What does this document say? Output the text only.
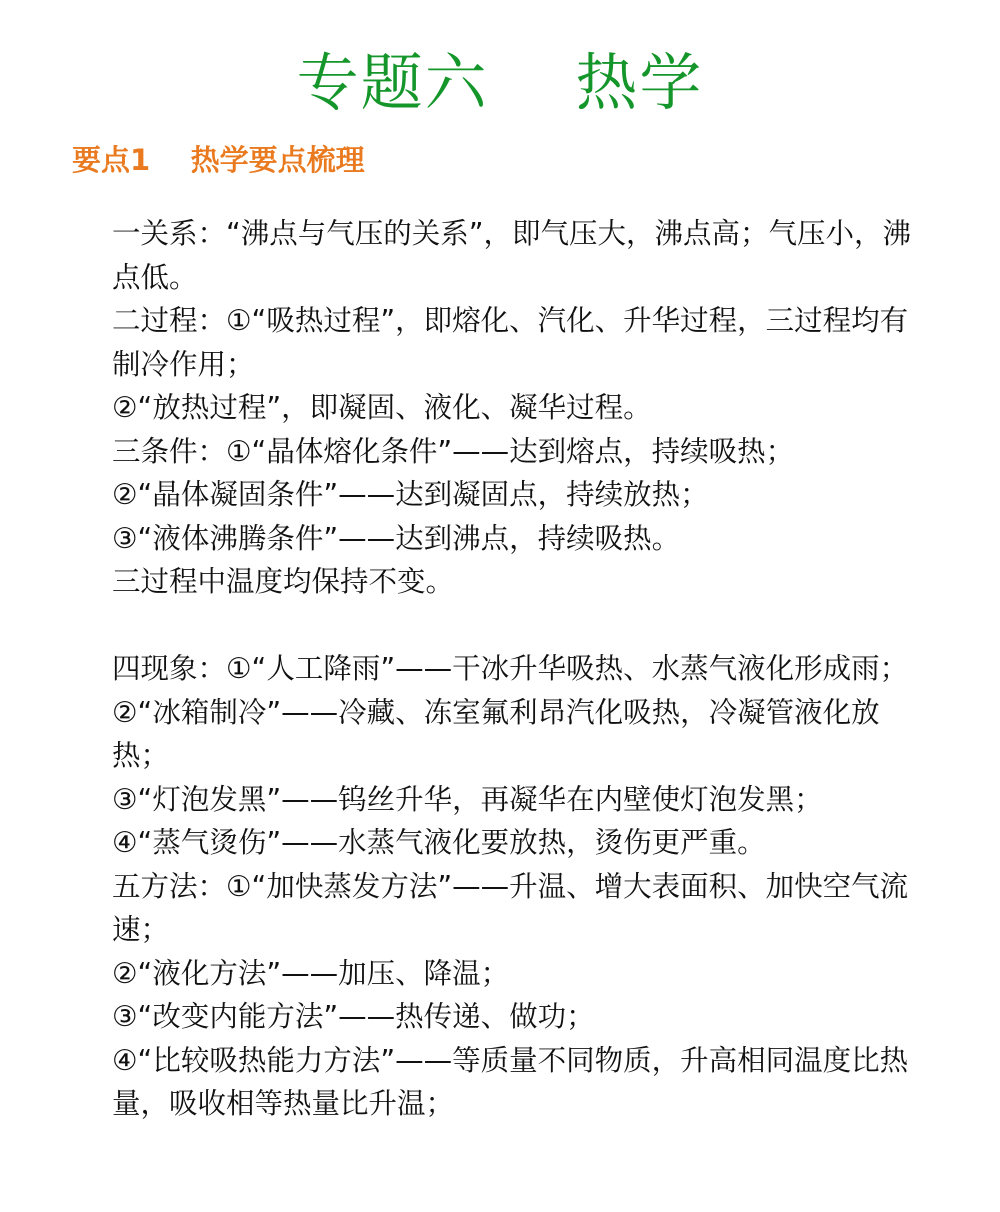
专题六    热学
要点1    热学要点梳理

一关系：“沸点与气压的关系”，即气压大，沸点高；气压小，沸点低。

二过程：①“吸热过程”，即熔化、汽化、升华过程，三过程均有制冷作用；

②“放热过程”，即凝固、液化、凝华过程。

三条件：①“晶体熔化条件”——达到熔点，持续吸热；

②“晶体凝固条件”——达到凝固点，持续放热；

③“液体沸腾条件”——达到沸点，持续吸热。

三过程中温度均保持不变。

四现象：①“人工降雨”——干冰升华吸热、水蒸气液化形成雨；

②“冰箱制冷”——冷藏、冻室氟利昂汽化吸热，冷凝管液化放热；

③“灯泡发黑”——钨丝升华，再凝华在内壁使灯泡发黑；

④“蒸气烫伤”——水蒸气液化要放热，烫伤更严重。

五方法：①“加快蒸发方法”——升温、增大表面积、加快空气流速；

②“液化方法”——加压、降温；

③“改变内能方法”——热传递、做功；

④“比较吸热能力方法”——等质量不同物质，升高相同温度比热量，吸收相等热量比升温；
